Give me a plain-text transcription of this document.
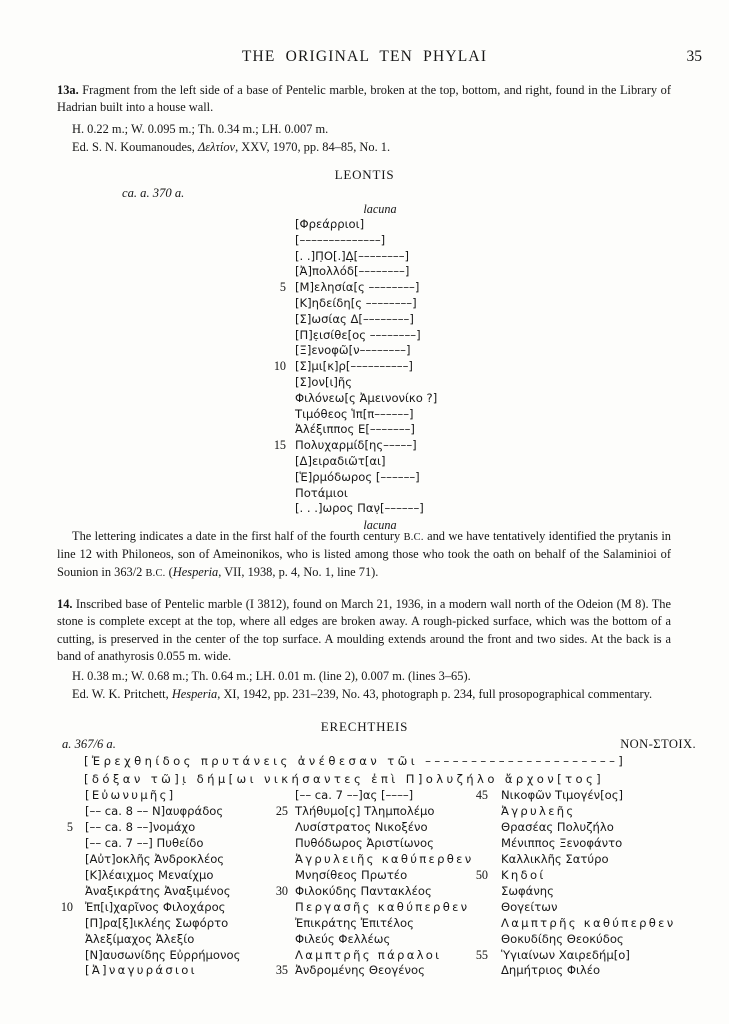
THE ORIGINAL TEN PHYLAI	35

13a. Fragment from the left side of a base of Pentelic marble, broken at the top, bottom, and right, found in the Library of Hadrian built into a house wall.

H. 0.22 m.; W. 0.095 m.; Th. 0.34 m.; LH. 0.007 m.

Ed. S. N. Koumanoudes, Δελτίον, XXV, 1970, pp. 84–85, No. 1.

LEONTIS
ca. a. 370 a.
lacuna
[Φρεάρριοι]
[––––––––––––––]
[. .]Π̣Ο[.]Δ̣[––––––––]
[Ἀ]πολλόδ[––––––––]
5 [Μ]ελησία[ς ––––––––]
[Κ]ηδείδη[ς ––––––––]
[Σ]ωσίας Δ[––––––––]
[Π]ε̣ισίθε[ος ––––––––]
[Ξ]ενοφῶ[ν––––––––]
10 [Σ]μι[κ]ρ[––––––––––]
[Σ]ον[ι]ῆς
Φιλόνεω[ς Ἀμεινονίκο ?]
Τιμόθεος Ἱπ[π––––––]
Ἀλέξιππος Ε[–––––––]
15 Πολυχαρμίδ[ης–––––]
[Δ]ειραδιῶτ[αι]
[Ἑ]ρμόδωρος [––––––]
Ποτάμιοι
[. . .]ωρος Παν̣[––––––]
lacuna

The lettering indicates a date in the first half of the fourth century B.C. and we have tentatively identified the prytanis in line 12 with Philoneos, son of Ameinonikos, who is listed among those who took the oath on behalf of the Salaminioi of Sounion in 363/2 B.C. (Hesperia, VII, 1938, p. 4, No. 1, line 71).

14. Inscribed base of Pentelic marble (I 3812), found on March 21, 1936, in a modern wall north of the Odeion (M 8). The stone is complete except at the top, where all edges are broken away. A rough-picked surface, which was the bottom of a cutting, is preserved in the center of the top surface. A moulding extends around the front and two sides. At the back is a band of anathyrosis 0.055 m. wide.

H. 0.38 m.; W. 0.68 m.; Th. 0.64 m.; LH. 0.01 m. (line 2), 0.007 m. (lines 3–65).

Ed. W. K. Pritchett, Hesperia, XI, 1942, pp. 231–239, No. 43, photograph p. 234, full prosopographical commentary.

ERECHTHEIS
a. 367/6 a.	ΝΟΝ-ΣΤΟΙΧ.
[Ἐρεχθηίδος πρυτάνεις ἀνέθεσαν τῶι –––––––––––––––––––––]
[δόξαν τῶ]ι̣ δήμ[ωι νικήσαντες ἐπὶ Π]ολυζήλο ἄρχον[τος]
[Εὐωνυμῆς]
[–– ca. 8 –– Ν]αυφράδος
5 [–– ca. 8 ––]νομάχο
[–– ca. 7 ––] Πυθείδο
[Αὐτ]οκλῆς Ἀνδροκλέος
[Κ]λέαιχμος Μεναίχμο
Ἀναξικράτης Ἀναξιμένος
10 Ἐπ[ι]χαρῖνος Φιλοχάρος
[Π]ρα[ξ]ικλέης Σωφόρτο
Ἀλεξίμαχος Ἀλεξίο
[Ν]αυσωνίδης Εὐρρήμονος
[Ἀ]ναγυράσιοι
[–– ca. 7 ––]ας [––––]
25 Τλήθυμο[ς] Τλημπολέμο
Λυσίστρατος Νικοξένο
Πυθόδωρος Ἀριστίωνος
Ἀγρυλειῆς καθύπερθεν
Μνησίθεος Πρωτέο
30 Φιλοκύδης Παντακλέος
Περγασῆς καθύπερθεν
Ἐπικράτης Ἐπιτέλος
Φιλεύς Φελλέως
Λαμπτρῆς πάραλοι
35 Ἀνδρομένης Θεογένος
45 Νικοφῶν Τιμογέν[ος]
Ἀγρυλεῆς
Θρασέας Πολυζήλο
Μένιππος Ξενοφάντο
Καλλικλῆς Σατύρο
50 Κηδοί
Σωφάνης
Θογείτων
Λαμπτρῆς καθύπερθεν
Θοκυδίδης Θεοκύδος
55 Ὑγιαίνων Χαιρεδήμ[ο]
Δημήτριος Φιλέο
